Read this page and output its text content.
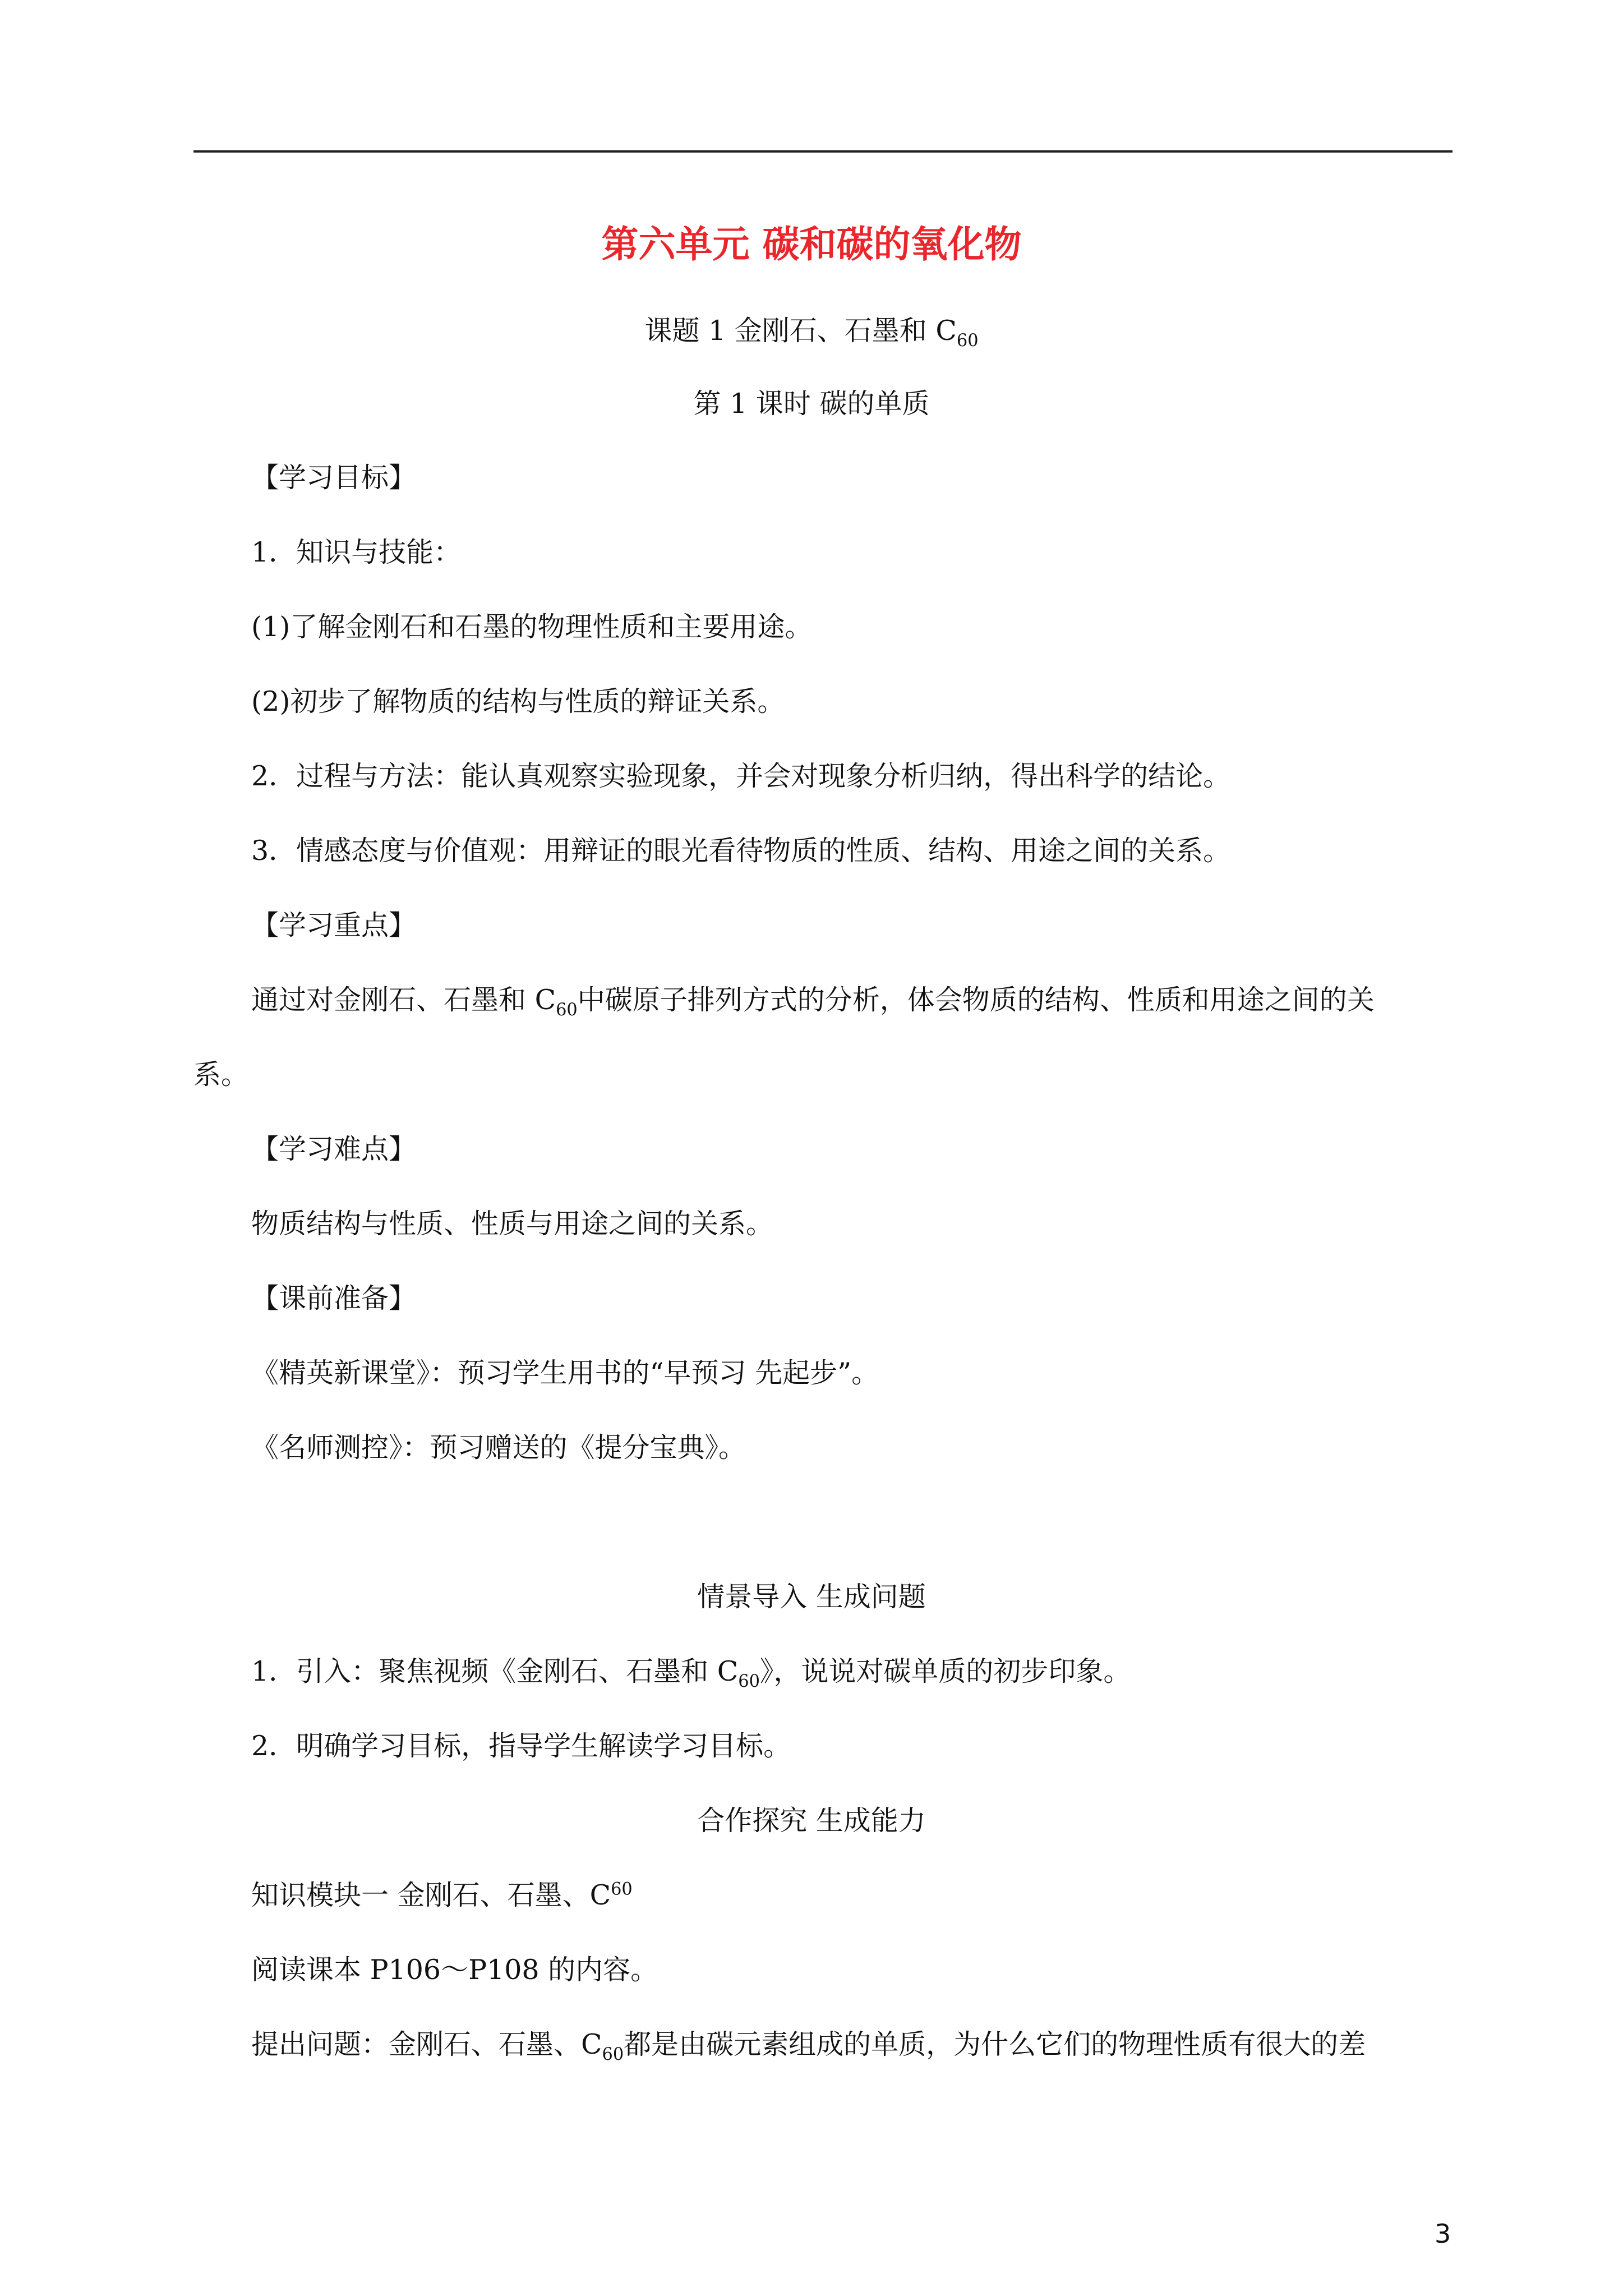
第六单元 碳和碳的氧化物
课题 1 金刚石、石墨和 $C_{60}$
第 1 课时 碳的单质
【学习目标】
1．知识与技能：
(1)了解金刚石和石墨的物理性质和主要用途。
(2)初步了解物质的结构与性质的辩证关系。
2．过程与方法：能认真观察实验现象，并会对现象分析归纳，得出科学的结论。
3．情感态度与价值观：用辩证的眼光看待物质的性质、结构、用途之间的关系。
【学习重点】
通过对金刚石、石墨和 $C_{60}$中碳原子排列方式的分析，体会物质的结构、性质和用途之间的关
系。
【学习难点】
物质结构与性质、性质与用途之间的关系。
【课前准备】
《精英新课堂》：预习学生用书的“早预习 先起步”。
《名师测控》：预习赠送的《提分宝典》。
情景导入 生成问题
1．引入：聚焦视频《金刚石、石墨和 $C_{60}$》，说说对碳单质的初步印象。
2．明确学习目标，指导学生解读学习目标。
合作探究 生成能力
知识模块一 金刚石、石墨、$C^{60}$
阅读课本 P106～P108 的内容。
提出问题：金刚石、石墨、$C_{60}$都是由碳元素组成的单质，为什么它们的物理性质有很大的差
3
